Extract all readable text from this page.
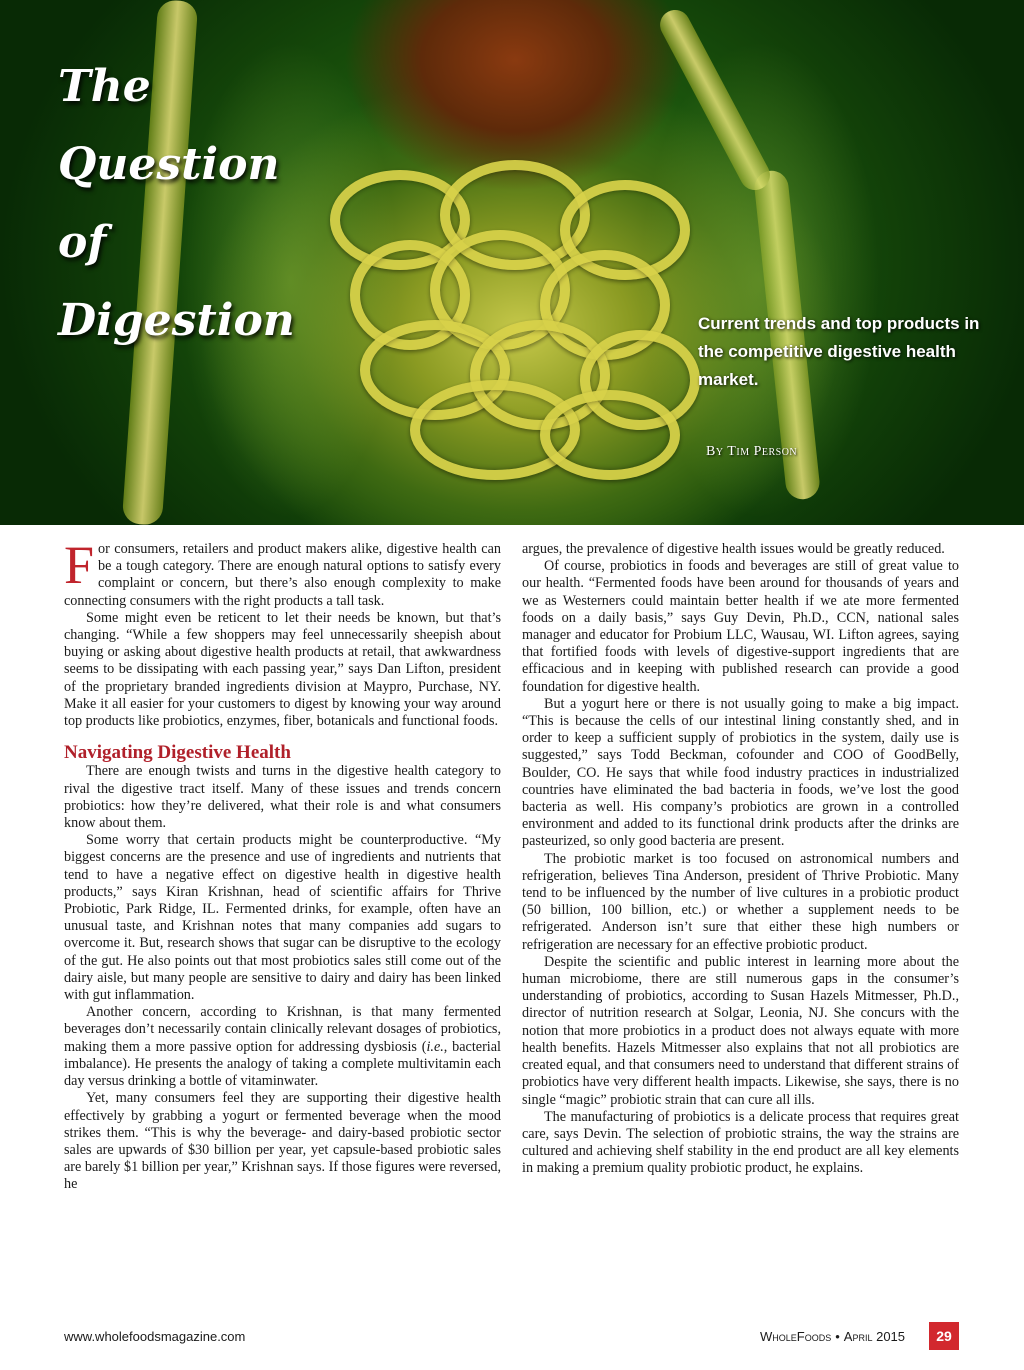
The
Question
of
Digestion	Current trends and top products in the competitive digestive health market.
By Tim Person

For consumers, retailers and product makers alike, digestive health can be a tough category. There are enough natural options to satisfy every complaint or concern, but there’s also enough complexity to make connecting consumers with the right products a tall task.

Some might even be reticent to let their needs be known, but that’s changing. “While a few shoppers may feel unnecessarily sheepish about buying or asking about digestive health products at retail, that awkwardness seems to be dissipating with each passing year,” says Dan Lifton, president of the proprietary branded ingredients division at Maypro, Purchase, NY. Make it all easier for your customers to digest by knowing your way around top products like probiotics, enzymes, fiber, botanicals and functional foods.

Navigating Digestive Health

There are enough twists and turns in the digestive health category to rival the digestive tract itself. Many of these issues and trends concern probiotics: how they’re delivered, what their role is and what consumers know about them.

Some worry that certain products might be counterproductive. “My biggest concerns are the presence and use of ingredients and nutrients that tend to have a negative effect on digestive health in digestive health products,” says Kiran Krishnan, head of scientific affairs for Thrive Probiotic, Park Ridge, IL. Fermented drinks, for example, often have an unusual taste, and Krishnan notes that many companies add sugars to overcome it. But, research shows that sugar can be disruptive to the ecology of the gut. He also points out that most probiotics sales still come out of the dairy aisle, but many people are sensitive to dairy and dairy has been linked with gut inflammation.

Another concern, according to Krishnan, is that many fermented beverages don’t necessarily contain clinically relevant dosages of probiotics, making them a more passive option for addressing dysbiosis (i.e., bacterial imbalance). He presents the analogy of taking a complete multivitamin each day versus drinking a bottle of vitaminwater.

Yet, many consumers feel they are supporting their digestive health effectively by grabbing a yogurt or fermented beverage when the mood strikes them. “This is why the beverage- and dairy-based probiotic sector sales are upwards of $30 billion per year, yet capsule-based probiotic sales are barely $1 billion per year,” Krishnan says. If those figures were reversed, he

argues, the prevalence of digestive health issues would be greatly reduced.

Of course, probiotics in foods and beverages are still of great value to our health. “Fermented foods have been around for thousands of years and we as Westerners could maintain better health if we ate more fermented foods on a daily basis,” says Guy Devin, Ph.D., CCN, national sales manager and educator for Probium LLC, Wausau, WI. Lifton agrees, saying that fortified foods with levels of digestive-support ingredients that are efficacious and in keeping with published research can provide a good foundation for digestive health.

But a yogurt here or there is not usually going to make a big impact. “This is because the cells of our intestinal lining constantly shed, and in order to keep a sufficient supply of probiotics in the system, daily use is suggested,” says Todd Beckman, cofounder and COO of GoodBelly, Boulder, CO. He says that while food industry practices in industrialized countries have eliminated the bad bacteria in foods, we’ve lost the good bacteria as well. His company’s probiotics are grown in a controlled environment and added to its functional drink products after the drinks are pasteurized, so only good bacteria are present.

The probiotic market is too focused on astronomical numbers and refrigeration, believes Tina Anderson, president of Thrive Probiotic. Many tend to be influenced by the number of live cultures in a probiotic product (50 billion, 100 billion, etc.) or whether a supplement needs to be refrigerated. Anderson isn’t sure that either these high numbers or refrigeration are necessary for an effective probiotic product.

Despite the scientific and public interest in learning more about the human microbiome, there are still numerous gaps in the consumer’s understanding of probiotics, according to Susan Hazels Mitmesser, Ph.D., director of nutrition research at Solgar, Leonia, NJ. She concurs with the notion that more probiotics in a product does not always equate with more health benefits. Hazels Mitmesser also explains that not all probiotics are created equal, and that consumers need to understand that different strains of probiotics have very different health impacts. Likewise, she says, there is no single “magic” probiotic strain that can cure all ills.

The manufacturing of probiotics is a delicate process that requires great care, says Devin. The selection of probiotic strains, the way the strains are cultured and achieving shelf stability in the end product are all key elements in making a premium quality probiotic product, he explains.

www.wholefoodsmagazine.com	WholeFoods • April 2015	29
